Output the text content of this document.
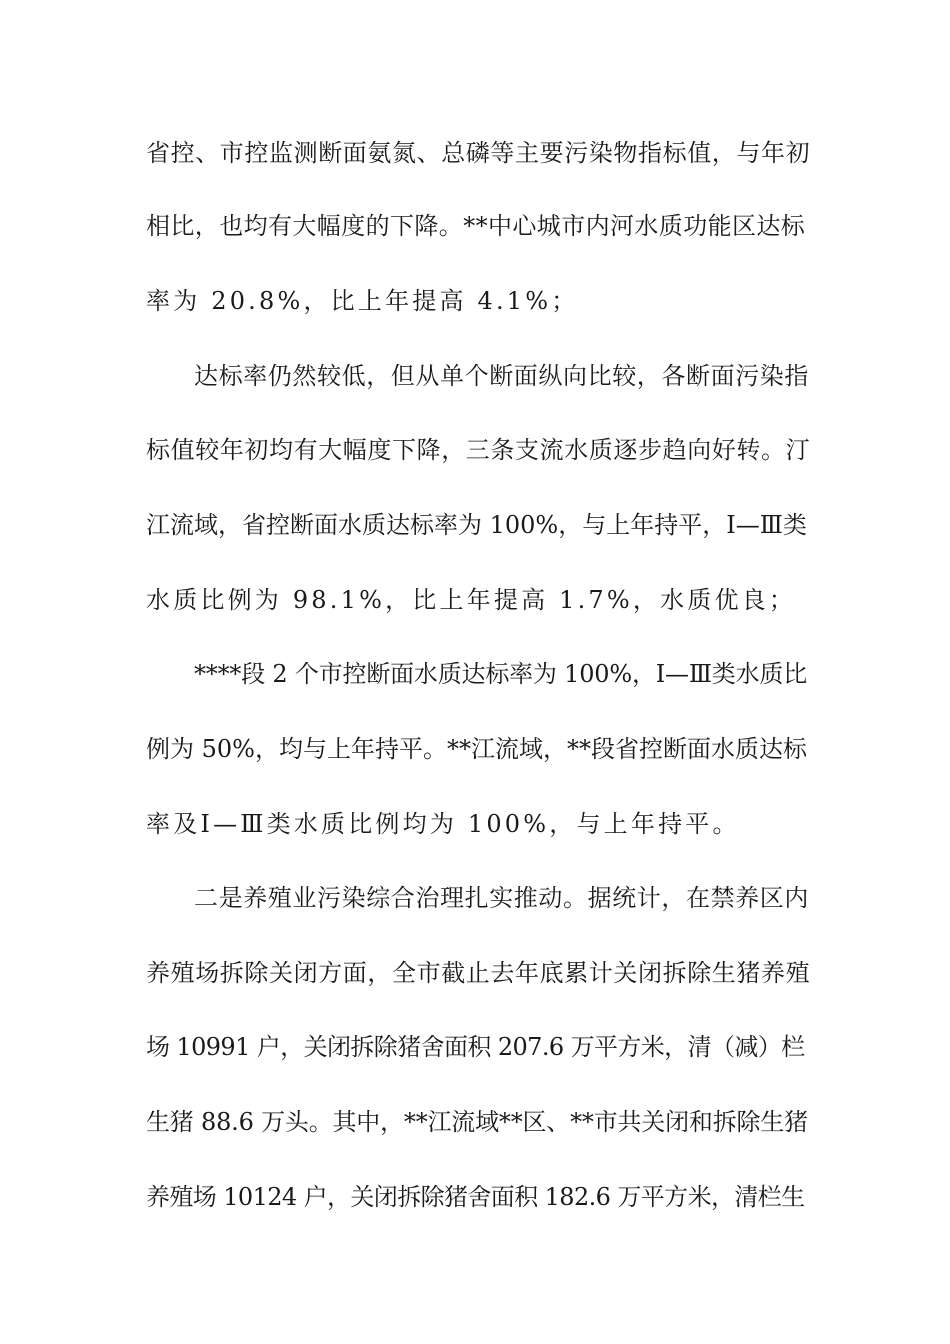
省控、市控监测断面氨氮、总磷等主要污染物指标值，与年初
相比，也均有大幅度的下降。**中心城市内河水质功能区达标
率为 20.8%，比上年提高 4.1%；
达标率仍然较低，但从单个断面纵向比较，各断面污染指
标值较年初均有大幅度下降，三条支流水质逐步趋向好转。汀
江流域，省控断面水质达标率为 100%，与上年持平，Ⅰ—Ⅲ类
水质比例为 98.1%，比上年提高 1.7%，水质优良；
****段 2 个市控断面水质达标率为 100%，Ⅰ—Ⅲ类水质比
例为 50%，均与上年持平。**江流域，**段省控断面水质达标
率及Ⅰ—Ⅲ类水质比例均为 100%，与上年持平。
二是养殖业污染综合治理扎实推动。据统计，在禁养区内
养殖场拆除关闭方面，全市截止去年底累计关闭拆除生猪养殖
场 10991 户，关闭拆除猪舍面积 207.6 万平方米，清（减）栏
生猪 88.6 万头。其中，**江流域**区、**市共关闭和拆除生猪
养殖场 10124 户，关闭拆除猪舍面积 182.6 万平方米，清栏生
